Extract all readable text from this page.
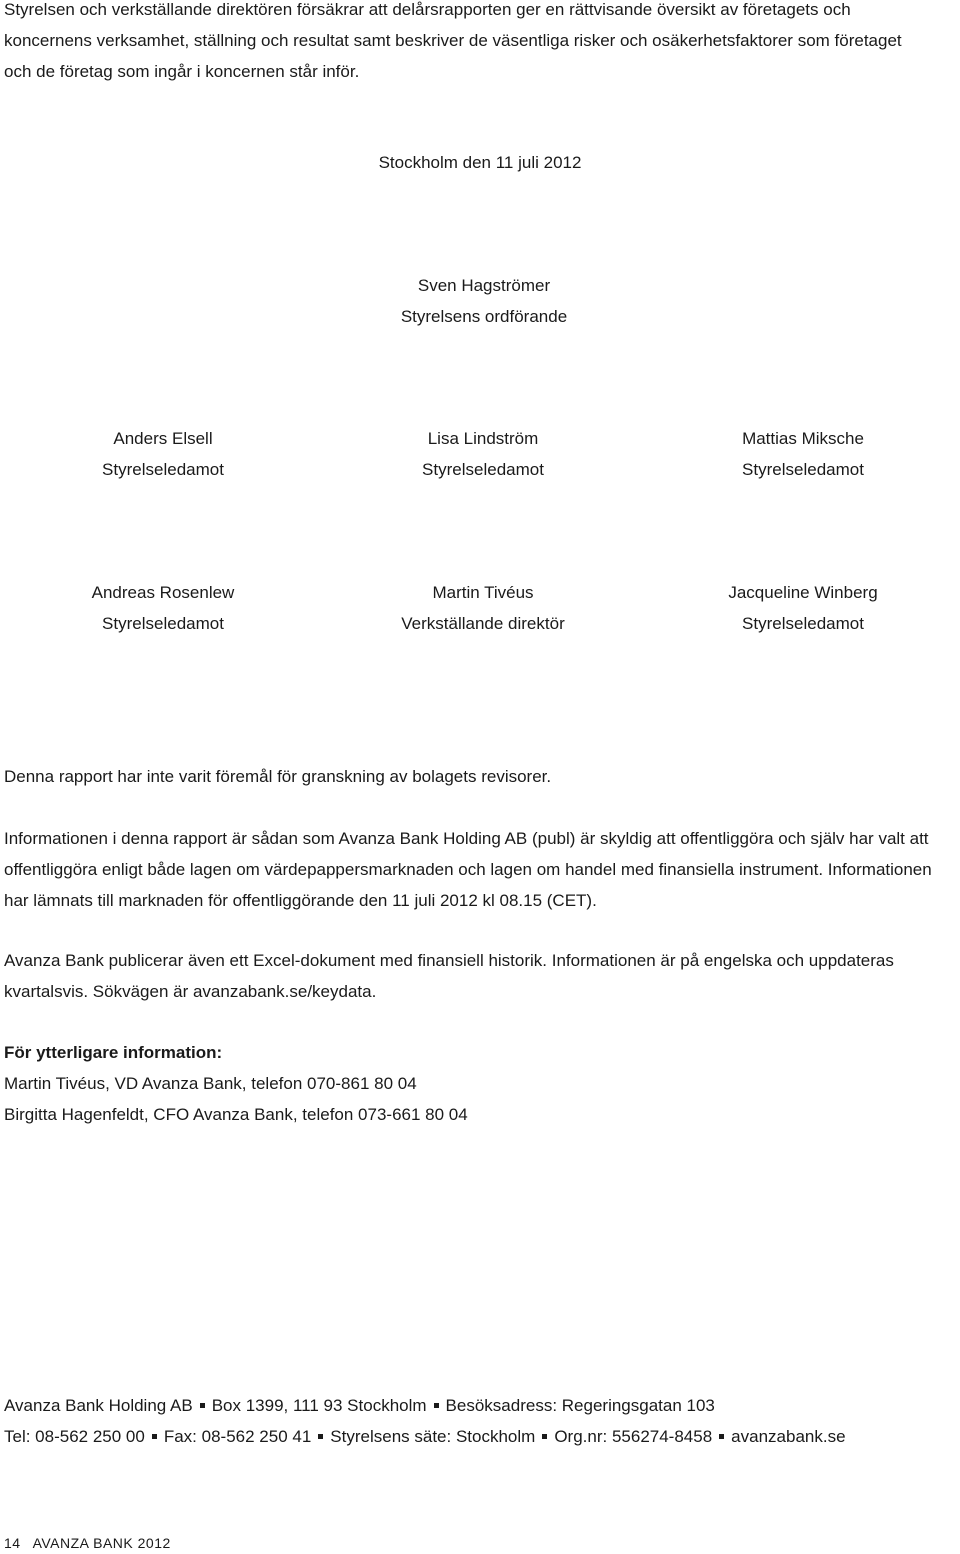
Styrelsen och verkställande direktören försäkrar att delårsrapporten ger en rättvisande översikt av företagets och
koncernens verksamhet, ställning och resultat samt beskriver de väsentliga risker och osäkerhetsfaktorer som företaget
och de företag som ingår i koncernen står inför.
Stockholm den 11 juli 2012
Sven Hagströmer
Styrelsens ordförande
Anders Elsell
Styrelseledamot
Lisa Lindström
Styrelseledamot
Mattias Miksche
Styrelseledamot
Andreas Rosenlew
Styrelseledamot
Martin Tivéus
Verkställande direktör
Jacqueline Winberg
Styrelseledamot
Denna rapport har inte varit föremål för granskning av bolagets revisorer.
Informationen i denna rapport är sådan som Avanza Bank Holding AB (publ) är skyldig att offentliggöra och själv har valt att
offentliggöra enligt både lagen om värdepappersmarknaden och lagen om handel med finansiella instrument. Informationen
har lämnats till marknaden för offentliggörande den 11 juli 2012 kl 08.15 (CET).
Avanza Bank publicerar även ett Excel-dokument med finansiell historik. Informationen är på engelska och uppdateras
kvartalsvis. Sökvägen är avanzabank.se/keydata.
För ytterligare information:
Martin Tivéus, VD Avanza Bank, telefon 070-861 80 04
Birgitta Hagenfeldt, CFO Avanza Bank, telefon 073-661 80 04
Avanza Bank Holding AB Box 1399, 111 93 Stockholm Besöksadress: Regeringsgatan 103
Tel: 08-562 250 00 Fax: 08-562 250 41 Styrelsens säte: Stockholm Org.nr: 556274-8458 avanzabank.se
14 AVANZA BANK 2012
